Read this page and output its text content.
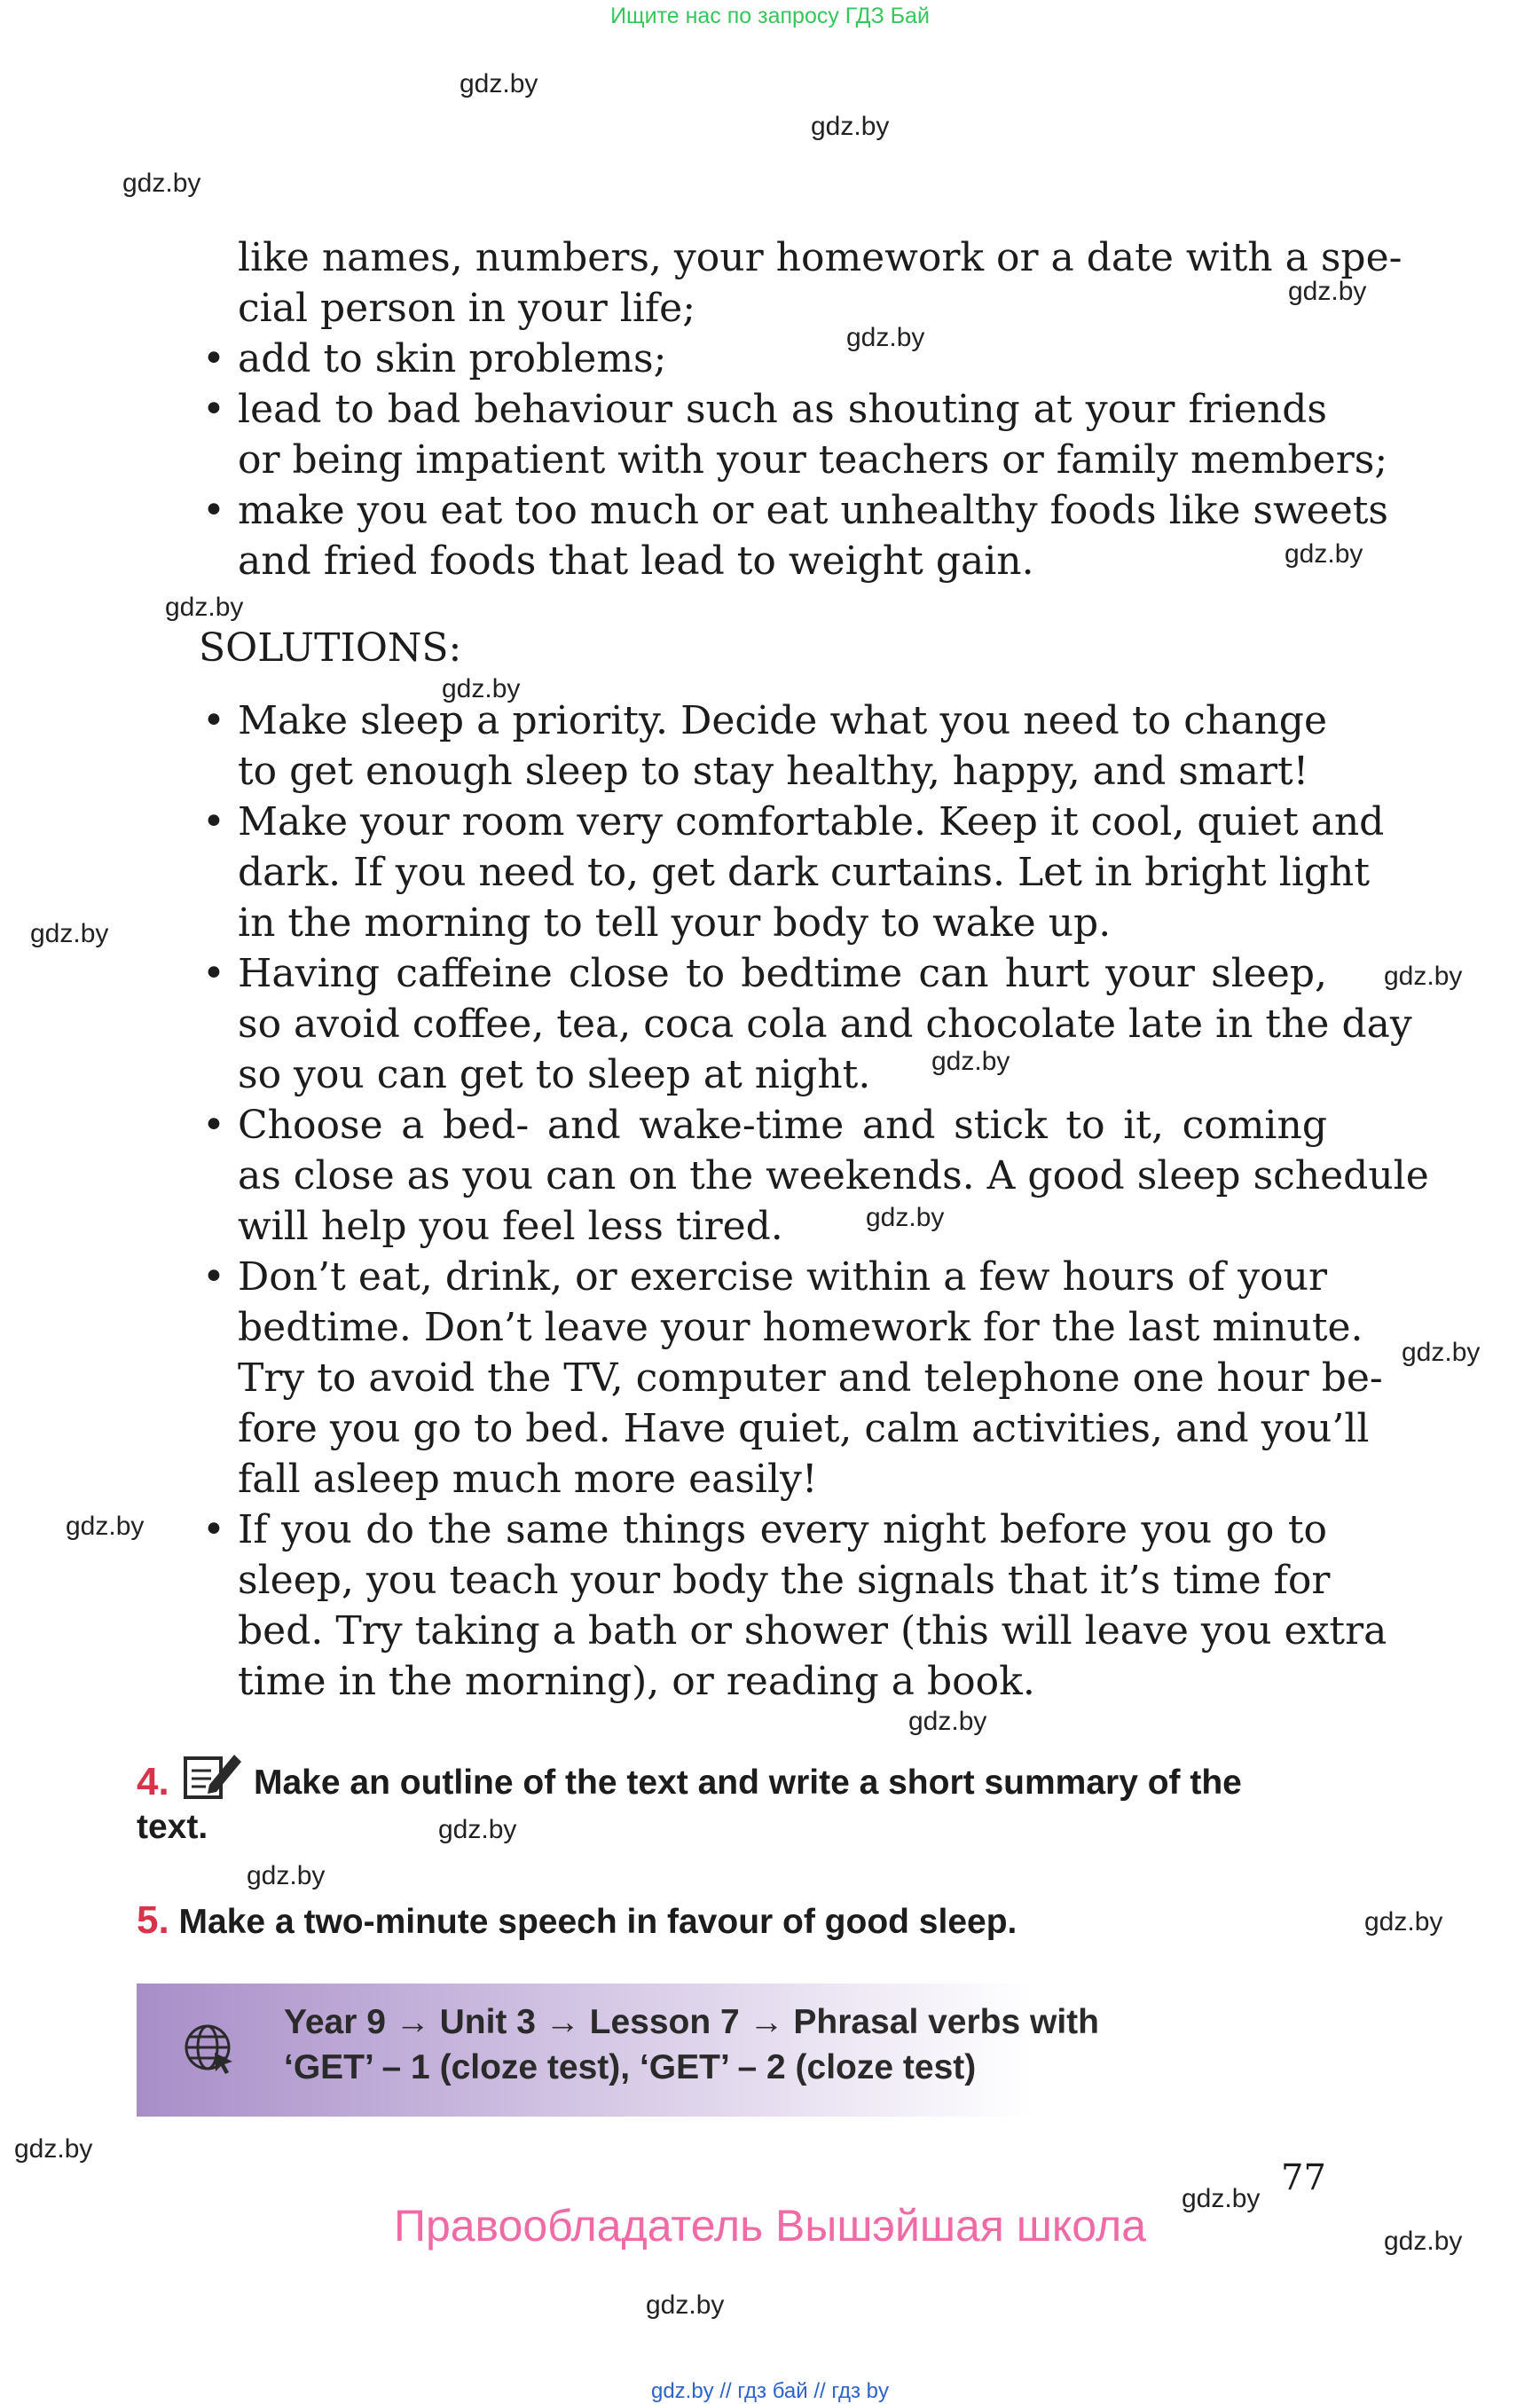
Ищите нас по запросу ГДЗ Бай
gdz.by
gdz.by
gdz.by
gdz.by
gdz.by
gdz.by
gdz.by
gdz.by
gdz.by
gdz.by
gdz.by
gdz.by
gdz.by
gdz.by
gdz.by
gdz.by
gdz.by
gdz.by
gdz.by
gdz.by
gdz.by
gdz.by
like names, numbers, your homework or a date with a spe-
cial person in your life;
•
add to skin problems;
•
lead to bad behaviour such as shouting at your friends
or being impatient with your teachers or family members;
•
make you eat too much or eat unhealthy foods like sweets
and fried foods that lead to weight gain.
SOLUTIONS:
•
Make sleep a priority. Decide what you need to change
to get enough sleep to stay healthy, happy, and smart!
•
Make your room very comfortable. Keep it cool, quiet and
dark. If you need to, get dark curtains. Let in bright light
in the morning to tell your body to wake up.
•
Having caffeine close to bedtime can hurt your sleep,
so avoid coffee, tea, coca cola and chocolate late in the day
so you can get to sleep at night.
•
Choose a bed- and wake-time and stick to it, coming
as close as you can on the weekends. A good sleep schedule
will help you feel less tired.
•
Don’t eat, drink, or exercise within a few hours of your
bedtime. Don’t leave your homework for the last minute.
Try to avoid the TV, computer and telephone one hour be-
fore you go to bed. Have quiet, calm activities, and you’ll
fall asleep much more easily!
•
If you do the same things every night before you go to
sleep, you teach your body the signals that it’s time for
bed. Try taking a bath or shower (this will leave you extra
time in the morning), or reading a book.
4. Make an outline of the text and write a short summary of the
text.
5. Make a two-minute speech in favour of good sleep.
Year 9 → Unit 3 → Lesson 7 → Phrasal verbs with
‘GET’ – 1 (cloze test), ‘GET’ – 2 (cloze test)
77
Правообладатель Вышэйшая школа
gdz.by // гдз бай // гдз by
